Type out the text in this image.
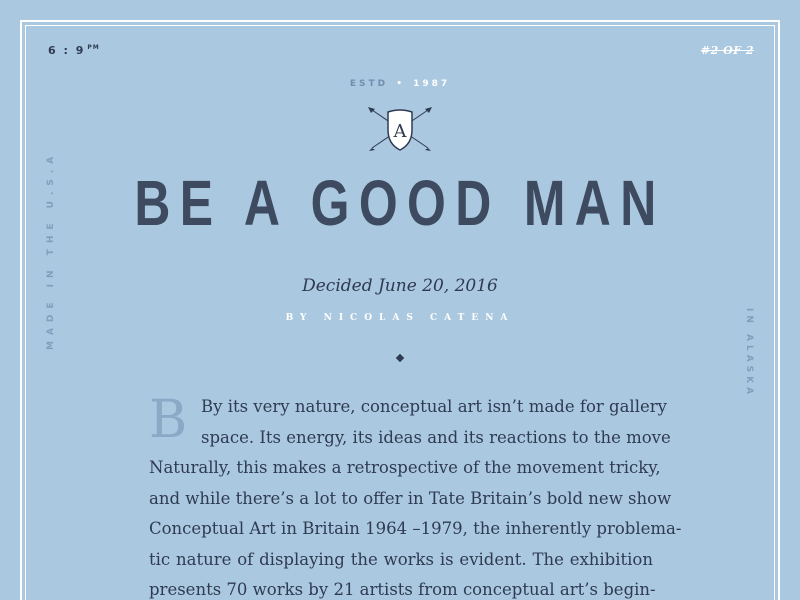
6 : 9 $^{PM}$	#2 OF 2
ESTD • 1987
A
BE A GOOD MAN
Decided June 20, 2016
BY NICOLAS CATENA
MADE IN THE U.S.A
IN ALASKA
B By its very nature, conceptual art isn’t made for gallery
space. Its energy, its ideas and its reactions to the move
Naturally, this makes a retrospective of the movement tricky,
and while there’s a lot to offer in Tate Britain’s bold new show
Conceptual Art in Britain 1964 –1979, the inherently problema-
tic nature of displaying the works is evident. The exhibition
presents 70 works by 21 artists from conceptual art’s begin-
